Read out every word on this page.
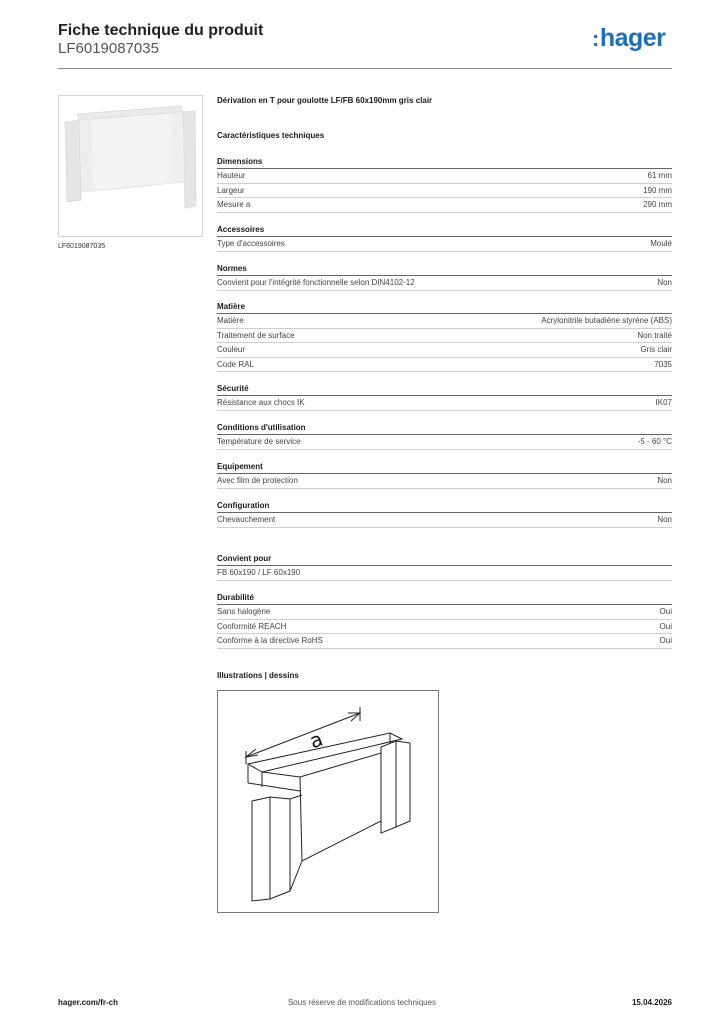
Fiche technique du produit
LF6019087035	:hager
LF6019087035
Dérivation en T pour goulotte LF/FB 60x190mm gris clair
Caractéristiques techniques
Dimensions
Hauteur	61 mm
Largeur	190 mm
Mesure a	290 mm
Accessoires
Type d'accessoires	Moulé
Normes
Convient pour l'intégrité fonctionnelle selon DIN4102-12	Non
Matière
Matière	Acrylonitrile butadiène styrène (ABS)
Traitement de surface	Non traité
Couleur	Gris clair
Code RAL	7035
Sécurité
Résistance aux chocs IK	IK07
Conditions d'utilisation
Température de service	-5 - 60 °C
Equipement
Avec film de protection	Non
Configuration
Chevauchement	Non
Convient pour
FB 60x190 / LF 60x190
Durabilité
Sans halogène	Oui
Conformité REACH	Oui
Conforme à la directive RoHS	Oui
Illustrations | dessins
a
Sous réserve de modifications techniques
hager.com/fr-ch	15.04.2026
